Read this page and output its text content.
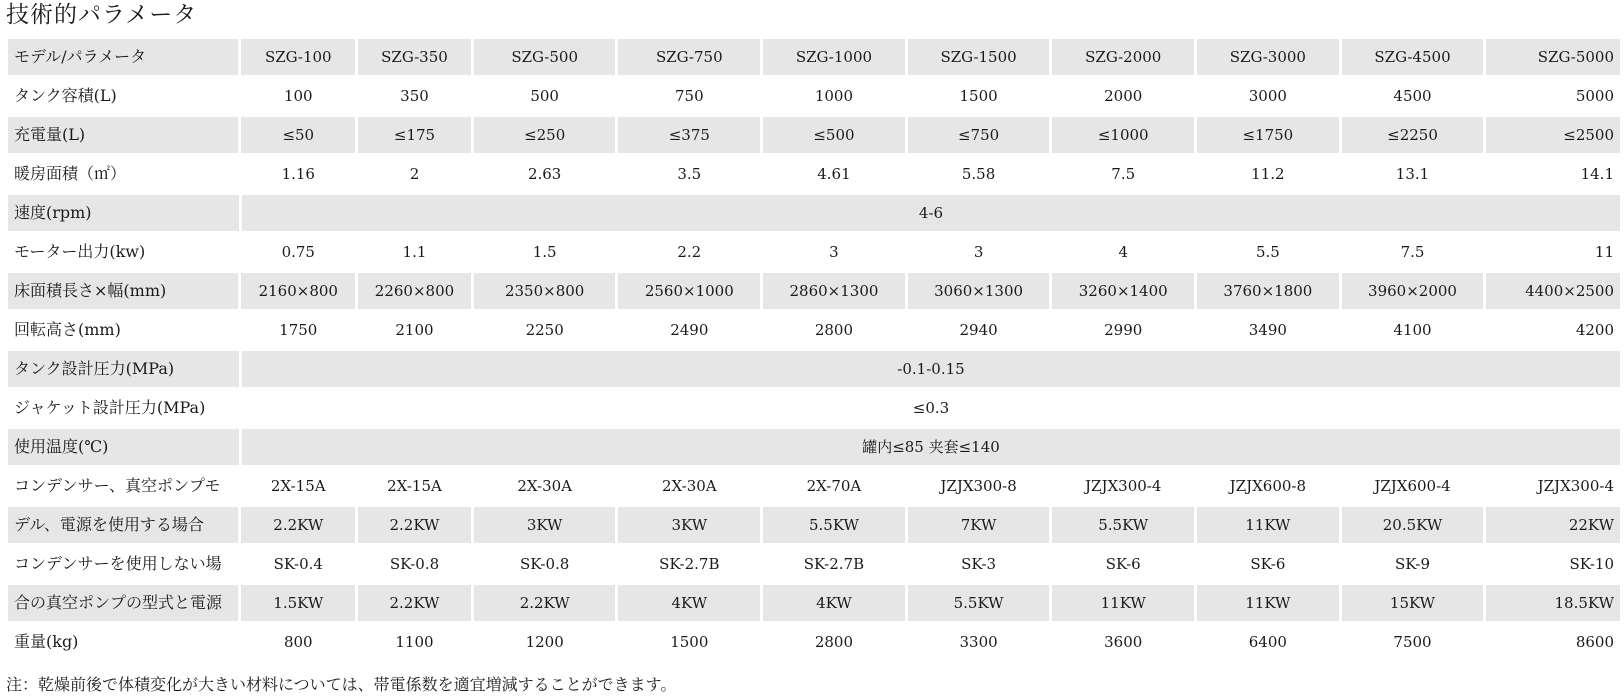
技術的パラメータ
モデル/パラメータ	SZG-100	SZG-350	SZG-500	SZG-750	SZG-1000	SZG-1500	SZG-2000	SZG-3000	SZG-4500	SZG-5000
タンク容積(L)	100	350	500	750	1000	1500	2000	3000	4500	5000
充電量(L)	≤50	≤175	≤250	≤375	≤500	≤750	≤1000	≤1750	≤2250	≤2500
暖房面積（㎡）	1.16	2	2.63	3.5	4.61	5.58	7.5	11.2	13.1	14.1
速度(rpm)	4-6
モーター出力(kw)	0.75	1.1	1.5	2.2	3	3	4	5.5	7.5	11
床面積長さ×幅(mm)	2160×800	2260×800	2350×800	2560×1000	2860×1300	3060×1300	3260×1400	3760×1800	3960×2000	4400×2500
回転高さ(mm)	1750	2100	2250	2490	2800	2940	2990	3490	4100	4200
タンク設計圧力(MPa)	-0.1-0.15
ジャケット設計圧力(MPa)	≤0.3
使用温度(℃)	罐内≤85 夹套≤140
コンデンサー、真空ポンプモ	2X-15A	2X-15A	2X-30A	2X-30A	2X-70A	JZJX300-8	JZJX300-4	JZJX600-8	JZJX600-4	JZJX300-4
デル、電源を使用する場合	2.2KW	2.2KW	3KW	3KW	5.5KW	7KW	5.5KW	11KW	20.5KW	22KW
コンデンサーを使用しない場	SK-0.4	SK-0.8	SK-0.8	SK-2.7B	SK-2.7B	SK-3	SK-6	SK-6	SK-9	SK-10
合の真空ポンプの型式と電源	1.5KW	2.2KW	2.2KW	4KW	4KW	5.5KW	11KW	11KW	15KW	18.5KW
重量(kg)	800	1100	1200	1500	2800	3300	3600	6400	7500	8600
注：乾燥前後で体積変化が大きい材料については、帯電係数を適宜増減することができます。
